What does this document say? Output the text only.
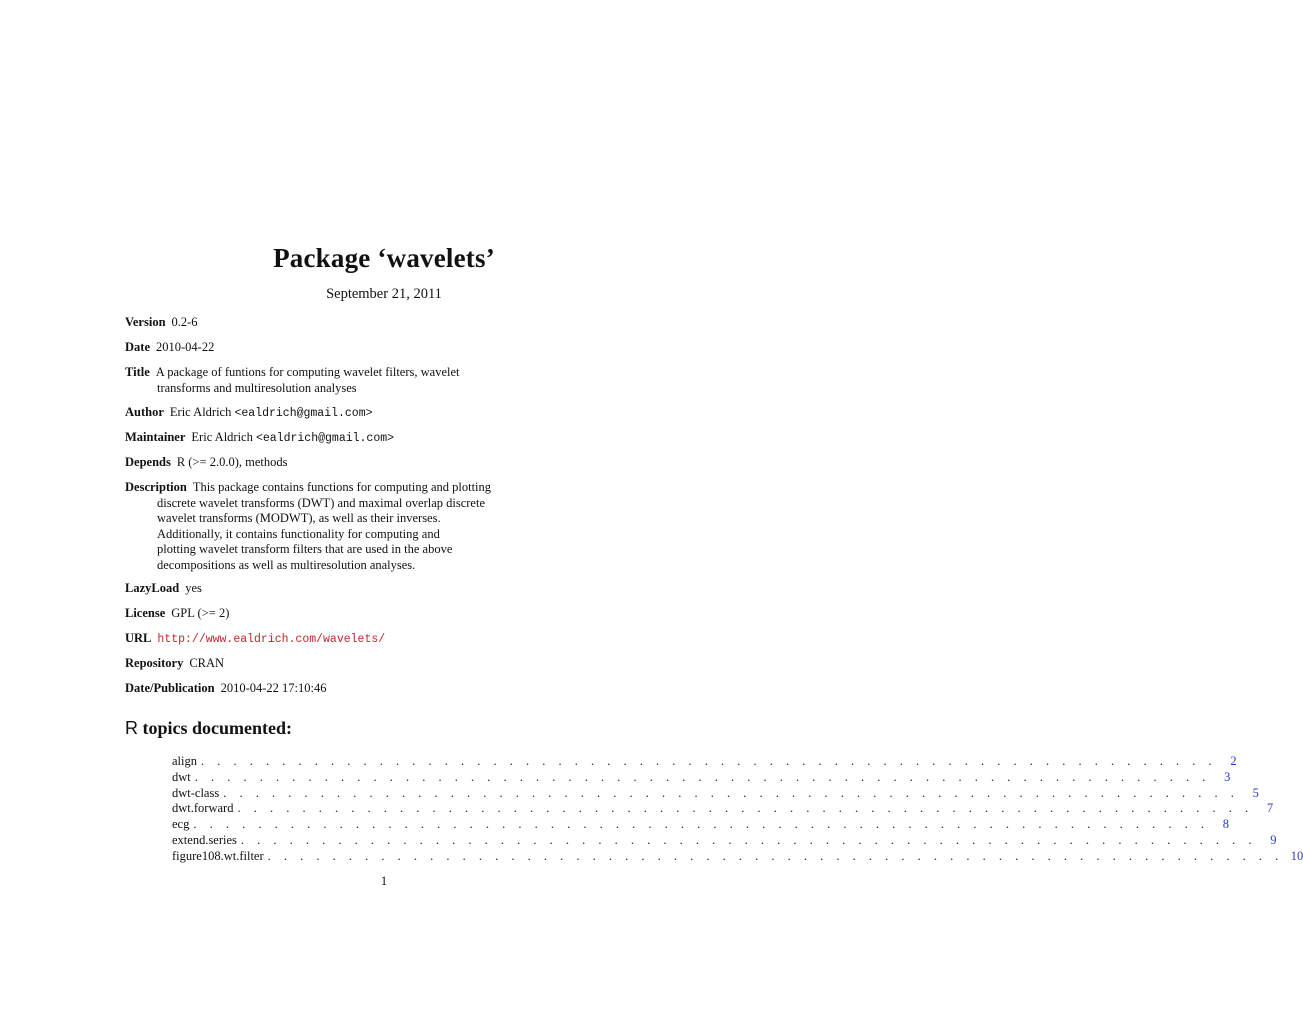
Package ‘wavelets’
September 21, 2011
Version 0.2-6
Date 2010-04-22
Title A package of funtions for computing wavelet filters, wavelet
transforms and multiresolution analyses
Author Eric Aldrich <ealdrich@gmail.com>
Maintainer Eric Aldrich <ealdrich@gmail.com>
Depends R (>= 2.0.0), methods
Description This package contains functions for computing and plotting
discrete wavelet transforms (DWT) and maximal overlap discrete
wavelet transforms (MODWT), as well as their inverses.
Additionally, it contains functionality for computing and
plotting wavelet transform filters that are used in the above
decompositions as well as multiresolution analyses.
LazyLoad yes
License GPL (>= 2)
URL http://www.ealdrich.com/wavelets/
Repository CRAN
Date/Publication 2010-04-22 17:10:46
R topics documented:
align . . . . . . . . . . . . . . . . . . . . . . . . . . . . . . . . . . . . . . . . . . . . . . . . . . . . . . . . . . . . . . .	2
dwt . . . . . . . . . . . . . . . . . . . . . . . . . . . . . . . . . . . . . . . . . . . . . . . . . . . . . . . . . . . . . . .	3
dwt-class . . . . . . . . . . . . . . . . . . . . . . . . . . . . . . . . . . . . . . . . . . . . . . . . . . . . . . . . . . . . . . .	5
dwt.forward . . . . . . . . . . . . . . . . . . . . . . . . . . . . . . . . . . . . . . . . . . . . . . . . . . . . . . . . . . . . . . .	7
ecg . . . . . . . . . . . . . . . . . . . . . . . . . . . . . . . . . . . . . . . . . . . . . . . . . . . . . . . . . . . . . . .	8
extend.series . . . . . . . . . . . . . . . . . . . . . . . . . . . . . . . . . . . . . . . . . . . . . . . . . . . . . . . . . . . . . . .	9
figure108.wt.filter . . . . . . . . . . . . . . . . . . . . . . . . . . . . . . . . . . . . . . . . . . . . . . . . . . . . . . . . . . . . . . . 10
1
